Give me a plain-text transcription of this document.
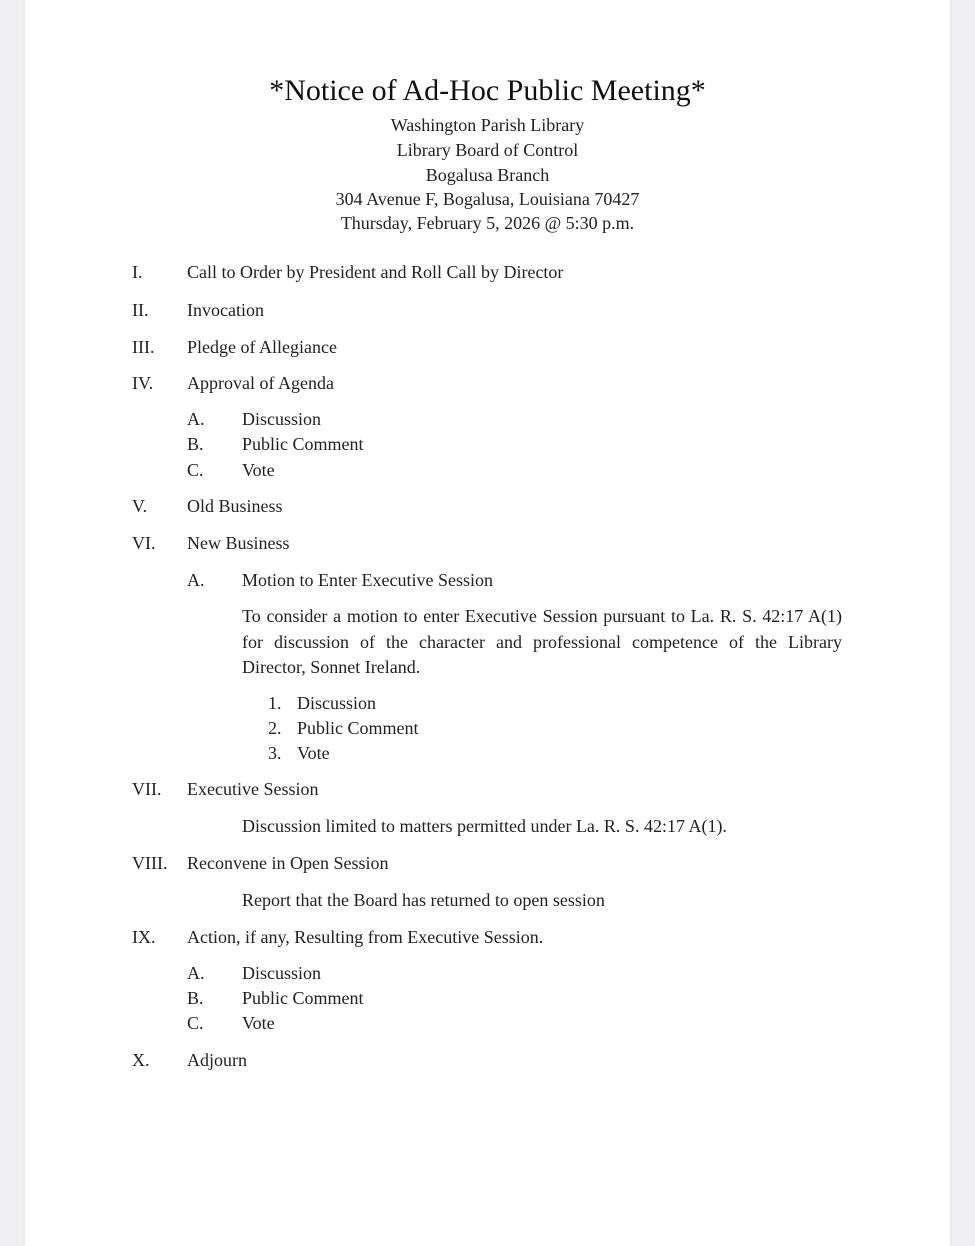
*Notice of Ad-Hoc Public Meeting*
Washington Parish Library
Library Board of Control
Bogalusa Branch
304 Avenue F, Bogalusa, Louisiana 70427
Thursday, February 5, 2026 @ 5:30 p.m.
I. Call to Order by President and Roll Call by Director
II. Invocation
III. Pledge of Allegiance
IV. Approval of Agenda
A. Discussion
B. Public Comment
C. Vote
V. Old Business
VI. New Business
A. Motion to Enter Executive Session
To consider a motion to enter Executive Session pursuant to La. R. S. 42:17 A(1) for discussion of the character and professional competence of the Library Director, Sonnet Ireland.
1. Discussion
2. Public Comment
3. Vote
VII. Executive Session
Discussion limited to matters permitted under La. R. S. 42:17 A(1).
VIII. Reconvene in Open Session
Report that the Board has returned to open session
IX. Action, if any, Resulting from Executive Session.
A. Discussion
B. Public Comment
C. Vote
X. Adjourn
